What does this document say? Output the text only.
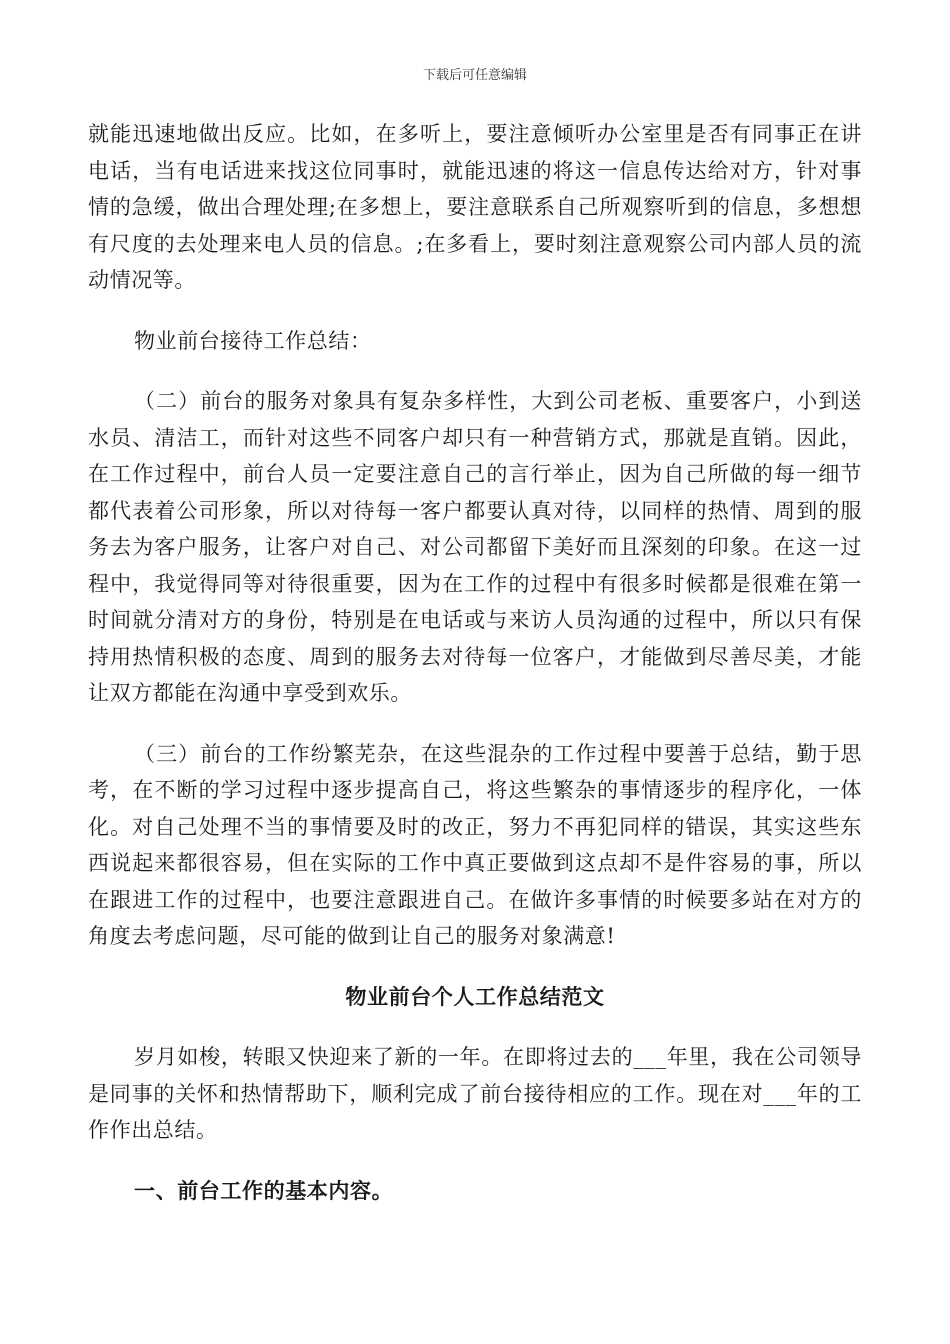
下载后可任意编辑

就能迅速地做出反应。比如，在多听上，要注意倾听办公室里是否有同事正在讲电话，当有电话进来找这位同事时，就能迅速的将这一信息传达给对方，针对事情的急缓，做出合理处理;在多想上，要注意联系自己所观察听到的信息，多想想有尺度的去处理来电人员的信息。;在多看上，要时刻注意观察公司内部人员的流动情况等。

物业前台接待工作总结：

（二）前台的服务对象具有复杂多样性，大到公司老板、重要客户，小到送水员、清洁工，而针对这些不同客户却只有一种营销方式，那就是直销。因此，在工作过程中，前台人员一定要注意自己的言行举止，因为自己所做的每一细节都代表着公司形象，所以对待每一客户都要认真对待，以同样的热情、周到的服务去为客户服务，让客户对自己、对公司都留下美好而且深刻的印象。在这一过程中，我觉得同等对待很重要，因为在工作的过程中有很多时候都是很难在第一时间就分清对方的身份，特别是在电话或与来访人员沟通的过程中，所以只有保持用热情积极的态度、周到的服务去对待每一位客户，才能做到尽善尽美，才能让双方都能在沟通中享受到欢乐。

（三）前台的工作纷繁芜杂，在这些混杂的工作过程中要善于总结，勤于思考，在不断的学习过程中逐步提高自己，将这些繁杂的事情逐步的程序化，一体化。对自己处理不当的事情要及时的改正，努力不再犯同样的错误，其实这些东西说起来都很容易，但在实际的工作中真正要做到这点却不是件容易的事，所以在跟进工作的过程中，也要注意跟进自己。在做许多事情的时候要多站在对方的角度去考虑问题，尽可能的做到让自己的服务对象满意!

物业前台个人工作总结范文

岁月如梭，转眼又快迎来了新的一年。在即将过去的___年里，我在公司领导是同事的关怀和热情帮助下，顺利完成了前台接待相应的工作。现在对___年的工作作出总结。

一、前台工作的基本内容。
